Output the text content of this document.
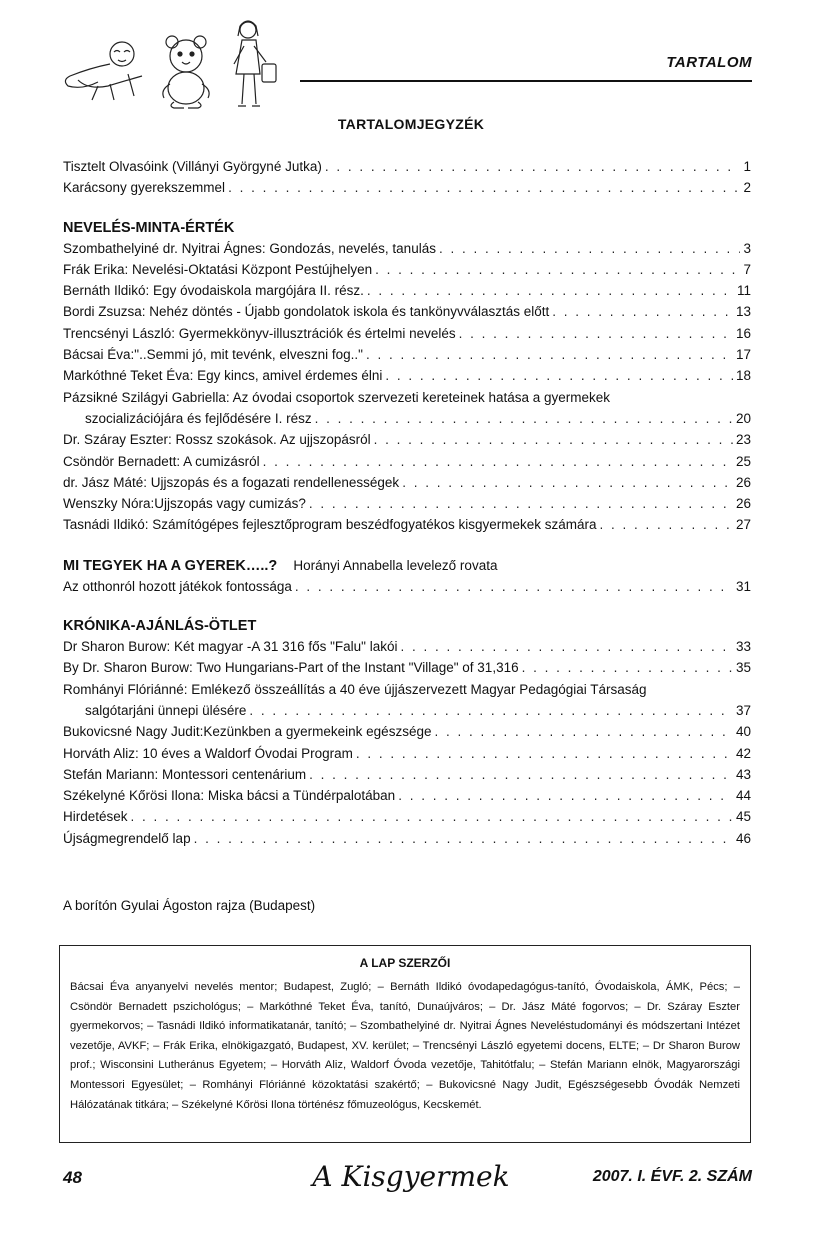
TARTALOM
TARTALOMJEGYZÉK
Tisztelt Olvasóink (Villányi Györgyné Jutka) . . .	1
Karácsony gyerekszemmel . . .	2
NEVELÉS-MINTA-ÉRTÉK
Szombathelyiné dr. Nyitrai Ágnes: Gondozás, nevelés, tanulás . . .	3
Frák Erika: Nevelési-Oktatási Központ Pestújhelyen . . .	7
Bernáth Ildikó: Egy óvodaiskola margójára II. rész. . . .	11
Bordi Zsuzsa: Nehéz döntés - Újabb gondolatok iskola és tankönyvválasztás előtt . . .	13
Trencsényi László: Gyermekkönyv-illusztrációk és értelmi nevelés . . .	16
Bácsai Éva:"..Semmi jó, mit tevénk, elveszni fog.." . . .	17
Markóthné Teket Éva: Egy kincs, amivel érdemes élni . . .	18
Pázsikné Szilágyi Gabriella: Az óvodai csoportok szervezeti kereteinek hatása a gyermekek
szocializációjára és fejlődésére I. rész . . .	20
Dr. Száray Eszter: Rossz szokások. Az ujjszopásról . . .	23
Csöndör Bernadett: A cumizásról . . .	25
dr. Jász Máté: Ujjszopás és a fogazati rendellenességek . . .	26
Wenszky Nóra:Ujjszopás vagy cumizás? . . .	26
Tasnádi Ildikó: Számítógépes fejlesztőprogram beszédfogyatékos kisgyermekek számára . . .	27
MI TEGYEK HA A GYEREK…..? Horányi Annabella levelező rovata
Az otthonról hozott játékok fontossága . . .	31
KRÓNIKA-AJÁNLÁS-ÖTLET
Dr Sharon Burow: Két magyar -A 31 316 fős "Falu" lakói . . .	33
By Dr. Sharon Burow: Two Hungarians-Part of the Instant "Village" of 31,316 . . .	35
Romhányi Flóriánné: Emlékező összeállítás a 40 éve újjászervezett Magyar Pedagógiai Társaság
salgótarjáni ünnepi ülésére . . .	37
Bukovicsné Nagy Judit:Kezünkben a gyermekeink egészsége . . .	40
Horváth Aliz: 10 éves a Waldorf Óvodai Program . . .	42
Stefán Mariann: Montessori centenárium . . .	43
Székelyné Kőrösi Ilona: Miska bácsi a Tündérpalotában . . .	44
Hirdetések . . .	45
Újságmegrendelő lap . . .	46
A borítón Gyulai Ágoston rajza (Budapest)
A LAP SZERZŐI

Bácsai Éva anyanyelvi nevelés mentor; Budapest, Zugló; – Bernáth Ildikó óvodapedagógus-tanító, Óvodaiskola, ÁMK, Pécs; – Csöndör Bernadett pszichológus; – Markóthné Teket Éva, tanító, Dunaújváros; – Dr. Jász Máté fogorvos; – Dr. Száray Eszter gyermekorvos; – Tasnádi Ildikó informatikatanár, tanító; – Szombathelyiné dr. Nyitrai Ágnes Neveléstudományi és módszertani Intézet vezetője, AVKF; – Frák Erika, elnökigazgató, Budapest, XV. kerület; – Trencsényi László egyetemi docens, ELTE; – Dr Sharon Burow prof.; Wisconsini Lutheránus Egyetem; – Horváth Aliz, Waldorf Óvoda vezetője, Tahitótfalu; – Stefán Mariann elnök, Magyarországi Montessori Egyesület; – Romhányi Flóriánné közoktatási szakértő; – Bukovicsné Nagy Judit, Egészségesebb Óvodák Nemzeti Hálózatának titkára; – Székelyné Kőrösi Ilona történész főmuzeológus, Kecskemét.

48	A Kisgyermek	2007. I. ÉVF. 2. SZÁM
